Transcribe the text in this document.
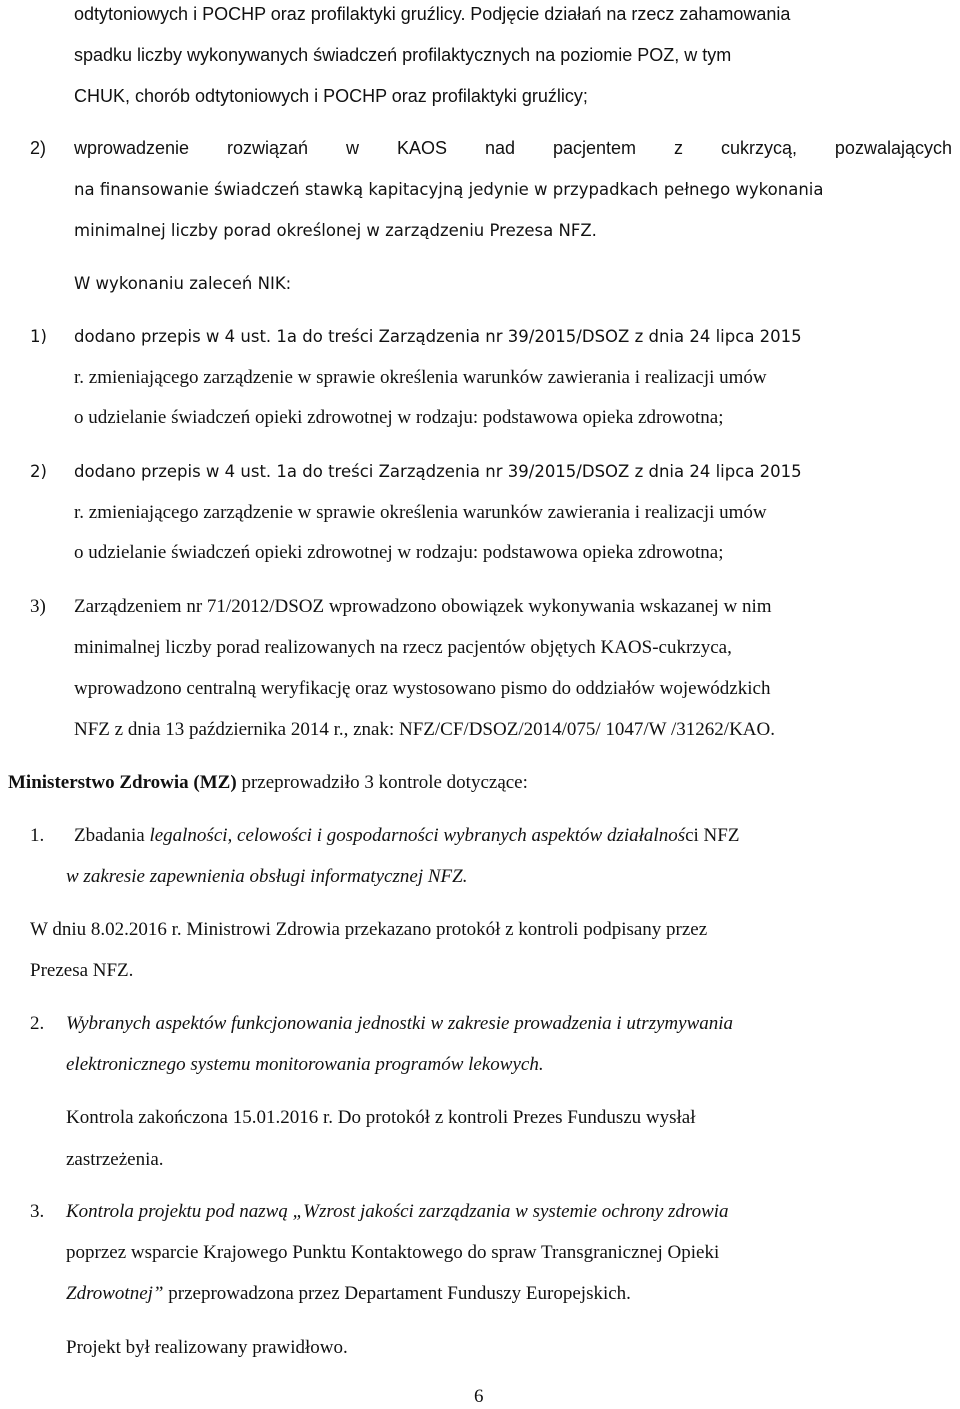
odtytoniowych i POCHP oraz profilaktyki gruźlicy. Podjęcie działań na rzecz zahamowania
spadku liczby wykonywanych świadczeń profilaktycznych na poziomie POZ, w tym
CHUK, chorób odtytoniowych i POCHP oraz profilaktyki gruźlicy;
2) wprowadzenie rozwiązań w KAOS nad pacjentem z cukrzycą, pozwalających
na finansowanie świadczeń stawką kapitacyjną jedynie w przypadkach pełnego wykonania
minimalnej liczby porad określonej w zarządzeniu Prezesa NFZ.
W wykonaniu zaleceń NIK:
1) dodano przepis w 4 ust. 1a do treści Zarządzenia nr 39/2015/DSOZ z dnia 24 lipca 2015
r. zmieniającego zarządzenie w sprawie określenia warunków zawierania i realizacji umów
o udzielanie świadczeń opieki zdrowotnej w rodzaju: podstawowa opieka zdrowotna;
2) dodano przepis w 4 ust. 1a do treści Zarządzenia nr 39/2015/DSOZ z dnia 24 lipca 2015
r. zmieniającego zarządzenie w sprawie określenia warunków zawierania i realizacji umów
o udzielanie świadczeń opieki zdrowotnej w rodzaju: podstawowa opieka zdrowotna;
3) Zarządzeniem nr 71/2012/DSOZ wprowadzono obowiązek wykonywania wskazanej w nim
minimalnej liczby porad realizowanych na rzecz pacjentów objętych KAOS-cukrzyca,
wprowadzono centralną weryfikację oraz wystosowano pismo do oddziałów wojewódzkich
NFZ z dnia 13 października 2014 r., znak: NFZ/CF/DSOZ/2014/075/ 1047/W /31262/KAO.
Ministerstwo Zdrowia (MZ) przeprowadziło 3 kontrole dotyczące:
1. Zbadania legalności, celowości i gospodarności wybranych aspektów działalności NFZ
w zakresie zapewnienia obsługi informatycznej NFZ.
W dniu 8.02.2016 r. Ministrowi Zdrowia przekazano protokół z kontroli podpisany przez
Prezesa NFZ.
2. Wybranych aspektów funkcjonowania jednostki w zakresie prowadzenia i utrzymywania
elektronicznego systemu monitorowania programów lekowych.
Kontrola zakończona 15.01.2016 r. Do protokół z kontroli Prezes Funduszu wysłał
zastrzeżenia.
3. Kontrola projektu pod nazwą „Wzrost jakości zarządzania w systemie ochrony zdrowia
poprzez wsparcie Krajowego Punktu Kontaktowego do spraw Transgranicznej Opieki
Zdrowotnej” przeprowadzona przez Departament Funduszy Europejskich.
Projekt był realizowany prawidłowo.
6
